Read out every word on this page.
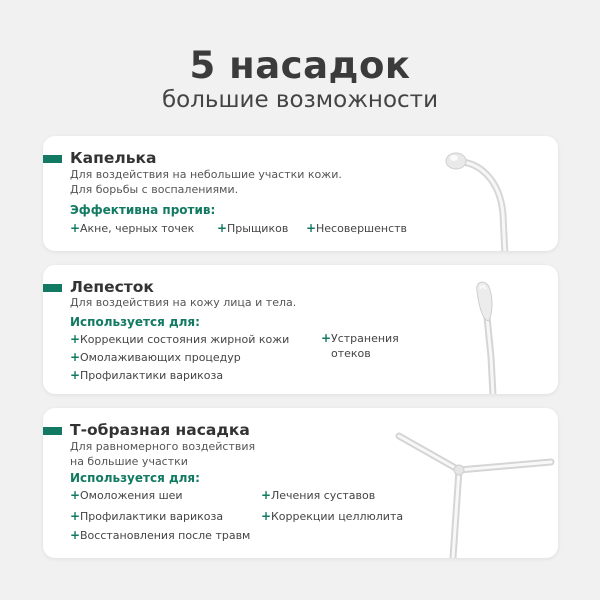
5 насадок
большие возможности
Капелька
Для воздействия на небольшие участки кожи.
Для борьбы с воспалениями.
Эффективна против:
+Акне, черных точек +Прыщиков +Несовершенств
Лепесток
Для воздействия на кожу лица и тела.
Используется для:
+Коррекции состояния жирной кожи
+Омолаживающих процедур
+Профилактики варикоза
+Устранения отеков
Т-образная насадка
Для равномерного воздействия
на большие участки
Используется для:
+Омоложения шеи	+Лечения суставов
+Профилактики варикоза	+Коррекции целлюлита
+Восстановления после травм
